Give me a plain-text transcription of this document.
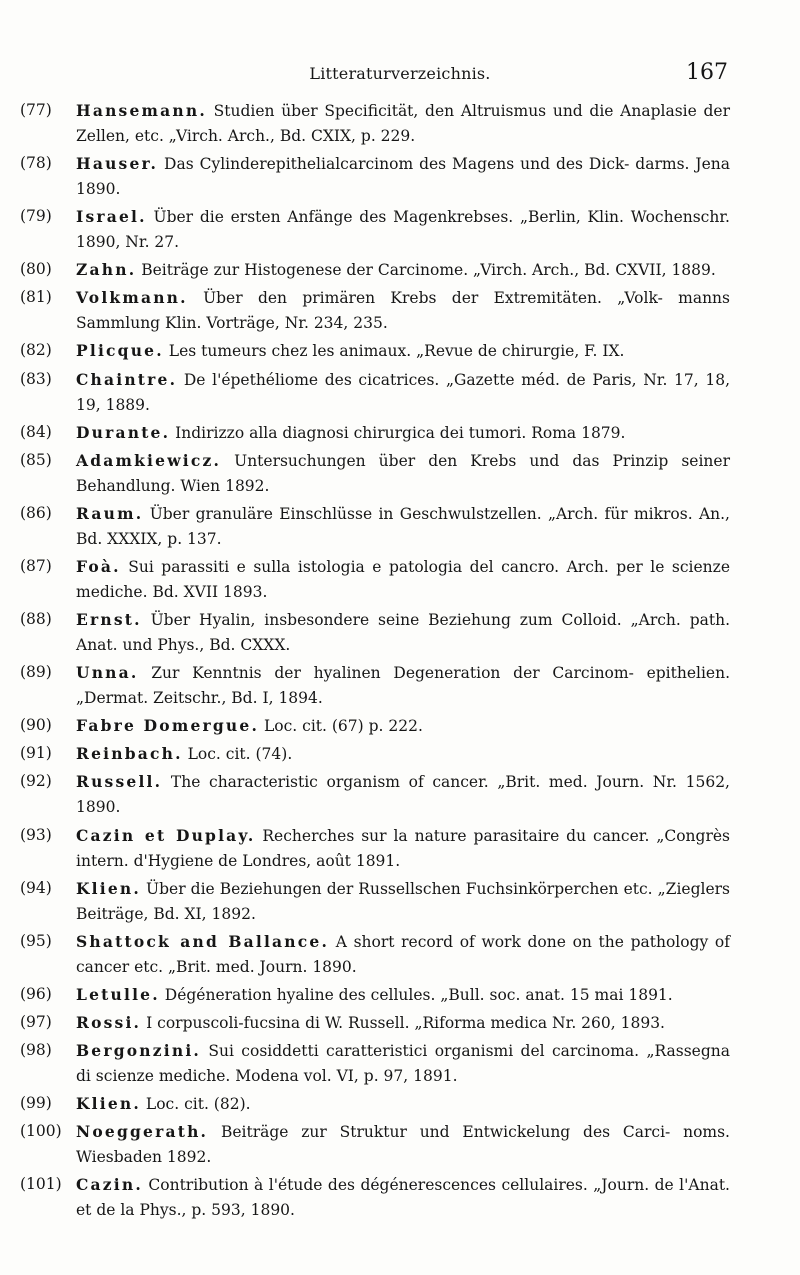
Litteraturverzeichnis.	167
(77) Hansemann. Studien über Specificität, den Altruismus und die Anaplasie der Zellen, etc. „Virch. Arch., Bd. CXIX, p. 229.
(78) Hauser. Das Cylinderepithelialcarcinom des Magens und des Dick- darms. Jena 1890.
(79) Israel. Über die ersten Anfänge des Magenkrebses. „Berlin, Klin. Wochenschr. 1890, Nr. 27.
(80) Zahn. Beiträge zur Histogenese der Carcinome. „Virch. Arch., Bd. CXVII, 1889.
(81) Volkmann. Über den primären Krebs der Extremitäten. „Volk- manns Sammlung Klin. Vorträge, Nr. 234, 235.
(82) Plicque. Les tumeurs chez les animaux. „Revue de chirurgie, F. IX.
(83) Chaintre. De l'épethéliome des cicatrices. „Gazette méd. de Paris, Nr. 17, 18, 19, 1889.
(84) Durante. Indirizzo alla diagnosi chirurgica dei tumori. Roma 1879.
(85) Adamkiewicz. Untersuchungen über den Krebs und das Prinzip seiner Behandlung. Wien 1892.
(86) Raum. Über granuläre Einschlüsse in Geschwulstzellen. „Arch. für mikros. An., Bd. XXXIX, p. 137.
(87) Foà. Sui parassiti e sulla istologia e patologia del cancro. Arch. per le scienze mediche. Bd. XVII 1893.
(88) Ernst. Über Hyalin, insbesondere seine Beziehung zum Colloid. „Arch. path. Anat. und Phys., Bd. CXXX.
(89) Unna. Zur Kenntnis der hyalinen Degeneration der Carcinom- epithelien. „Dermat. Zeitschr., Bd. I, 1894.
(90) Fabre Domergue. Loc. cit. (67) p. 222.
(91) Reinbach. Loc. cit. (74).
(92) Russell. The characteristic organism of cancer. „Brit. med. Journ. Nr. 1562, 1890.
(93) Cazin et Duplay. Recherches sur la nature parasitaire du cancer. „Congrès intern. d'Hygiene de Londres, août 1891.
(94) Klien. Über die Beziehungen der Russellschen Fuchsinkörperchen etc. „Zieglers Beiträge, Bd. XI, 1892.
(95) Shattock and Ballance. A short record of work done on the pathology of cancer etc. „Brit. med. Journ. 1890.
(96) Letulle. Dégéneration hyaline des cellules. „Bull. soc. anat. 15 mai 1891.
(97) Rossi. I corpuscoli-fucsina di W. Russell. „Riforma medica Nr. 260, 1893.
(98) Bergonzini. Sui cosiddetti caratteristici organismi del carcinoma. „Rassegna di scienze mediche. Modena vol. VI, p. 97, 1891.
(99) Klien. Loc. cit. (82).
(100) Noeggerath. Beiträge zur Struktur und Entwickelung des Carci- noms. Wiesbaden 1892.
(101) Cazin. Contribution à l'étude des dégénerescences cellulaires. „Journ. de l'Anat. et de la Phys., p. 593, 1890.
